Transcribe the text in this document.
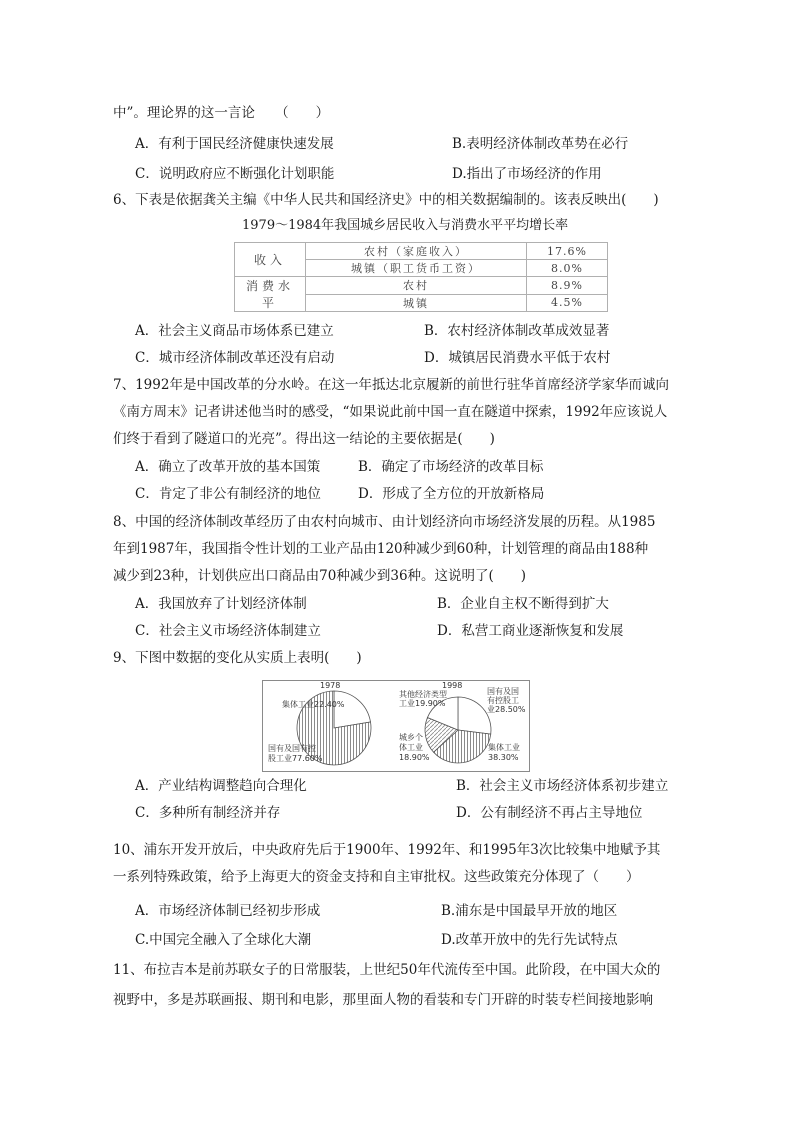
中”。理论界的这一言论　　（　　）
A．有利于国民经济健康快速发展	B.表明经济体制改革势在必行
C．说明政府应不断强化计划职能	D.指出了市场经济的作用
6、下表是依据龚关主编《中华人民共和国经济史》中的相关数据编制的。该表反映出(　　)
1979～1984年我国城乡居民收入与消费水平平均增长率
收入	农村（家庭收入）	17.6%
	城镇（职工货币工资）	8.0%
消费水平	农村	8.9%
	城镇	4.5%
A．社会主义商品市场体系已建立	B．农村经济体制改革成效显著
C．城市经济体制改革还没有启动	D．城镇居民消费水平低于农村
7、1992年是中国改革的分水岭。在这一年抵达北京履新的前世行驻华首席经济学家华而诚向
《南方周末》记者讲述他当时的感受，“如果说此前中国一直在隧道中探索，1992年应该说人
们终于看到了隧道口的光亮”。得出这一结论的主要依据是(　　)
A．确立了改革开放的基本国策	B．确定了市场经济的改革目标
C．肯定了非公有制经济的地位	D．形成了全方位的开放新格局
8、中国的经济体制改革经历了由农村向城市、由计划经济向市场经济发展的历程。从1985
年到1987年，我国指令性计划的工业产品由120种减少到60种，计划管理的商品由188种
减少到23种，计划供应出口商品由70种减少到36种。这说明了(　　)
A．我国放弃了计划经济体制	B．企业自主权不断得到扩大
C．社会主义市场经济体制建立	D．私营工商业逐渐恢复和发展
9、下图中数据的变化从实质上表明(　　)
1978	1998
集体工业22.40%
国有及国有控
股工业77.60%
其他经济类型
工业19.90%
国有及国
有控股工
业28.50%
城乡个
体工业
18.90%
集体工业
38.30%
A．产业结构调整趋向合理化	B．社会主义市场经济体系初步建立
C．多种所有制经济并存	D．公有制经济不再占主导地位
10、浦东开发开放后，中央政府先后于1900年、1992年、和1995年3次比较集中地赋予其
一系列特殊政策，给予上海更大的资金支持和自主审批权。这些政策充分体现了（　　）
A．市场经济体制已经初步形成	B.浦东是中国最早开放的地区
C.中国完全融入了全球化大潮	D.改革开放中的先行先试特点
11、布拉吉本是前苏联女子的日常服装，上世纪50年代流传至中国。此阶段，在中国大众的
视野中，多是苏联画报、期刊和电影，那里面人物的看装和专门开辟的时装专栏间接地影响
